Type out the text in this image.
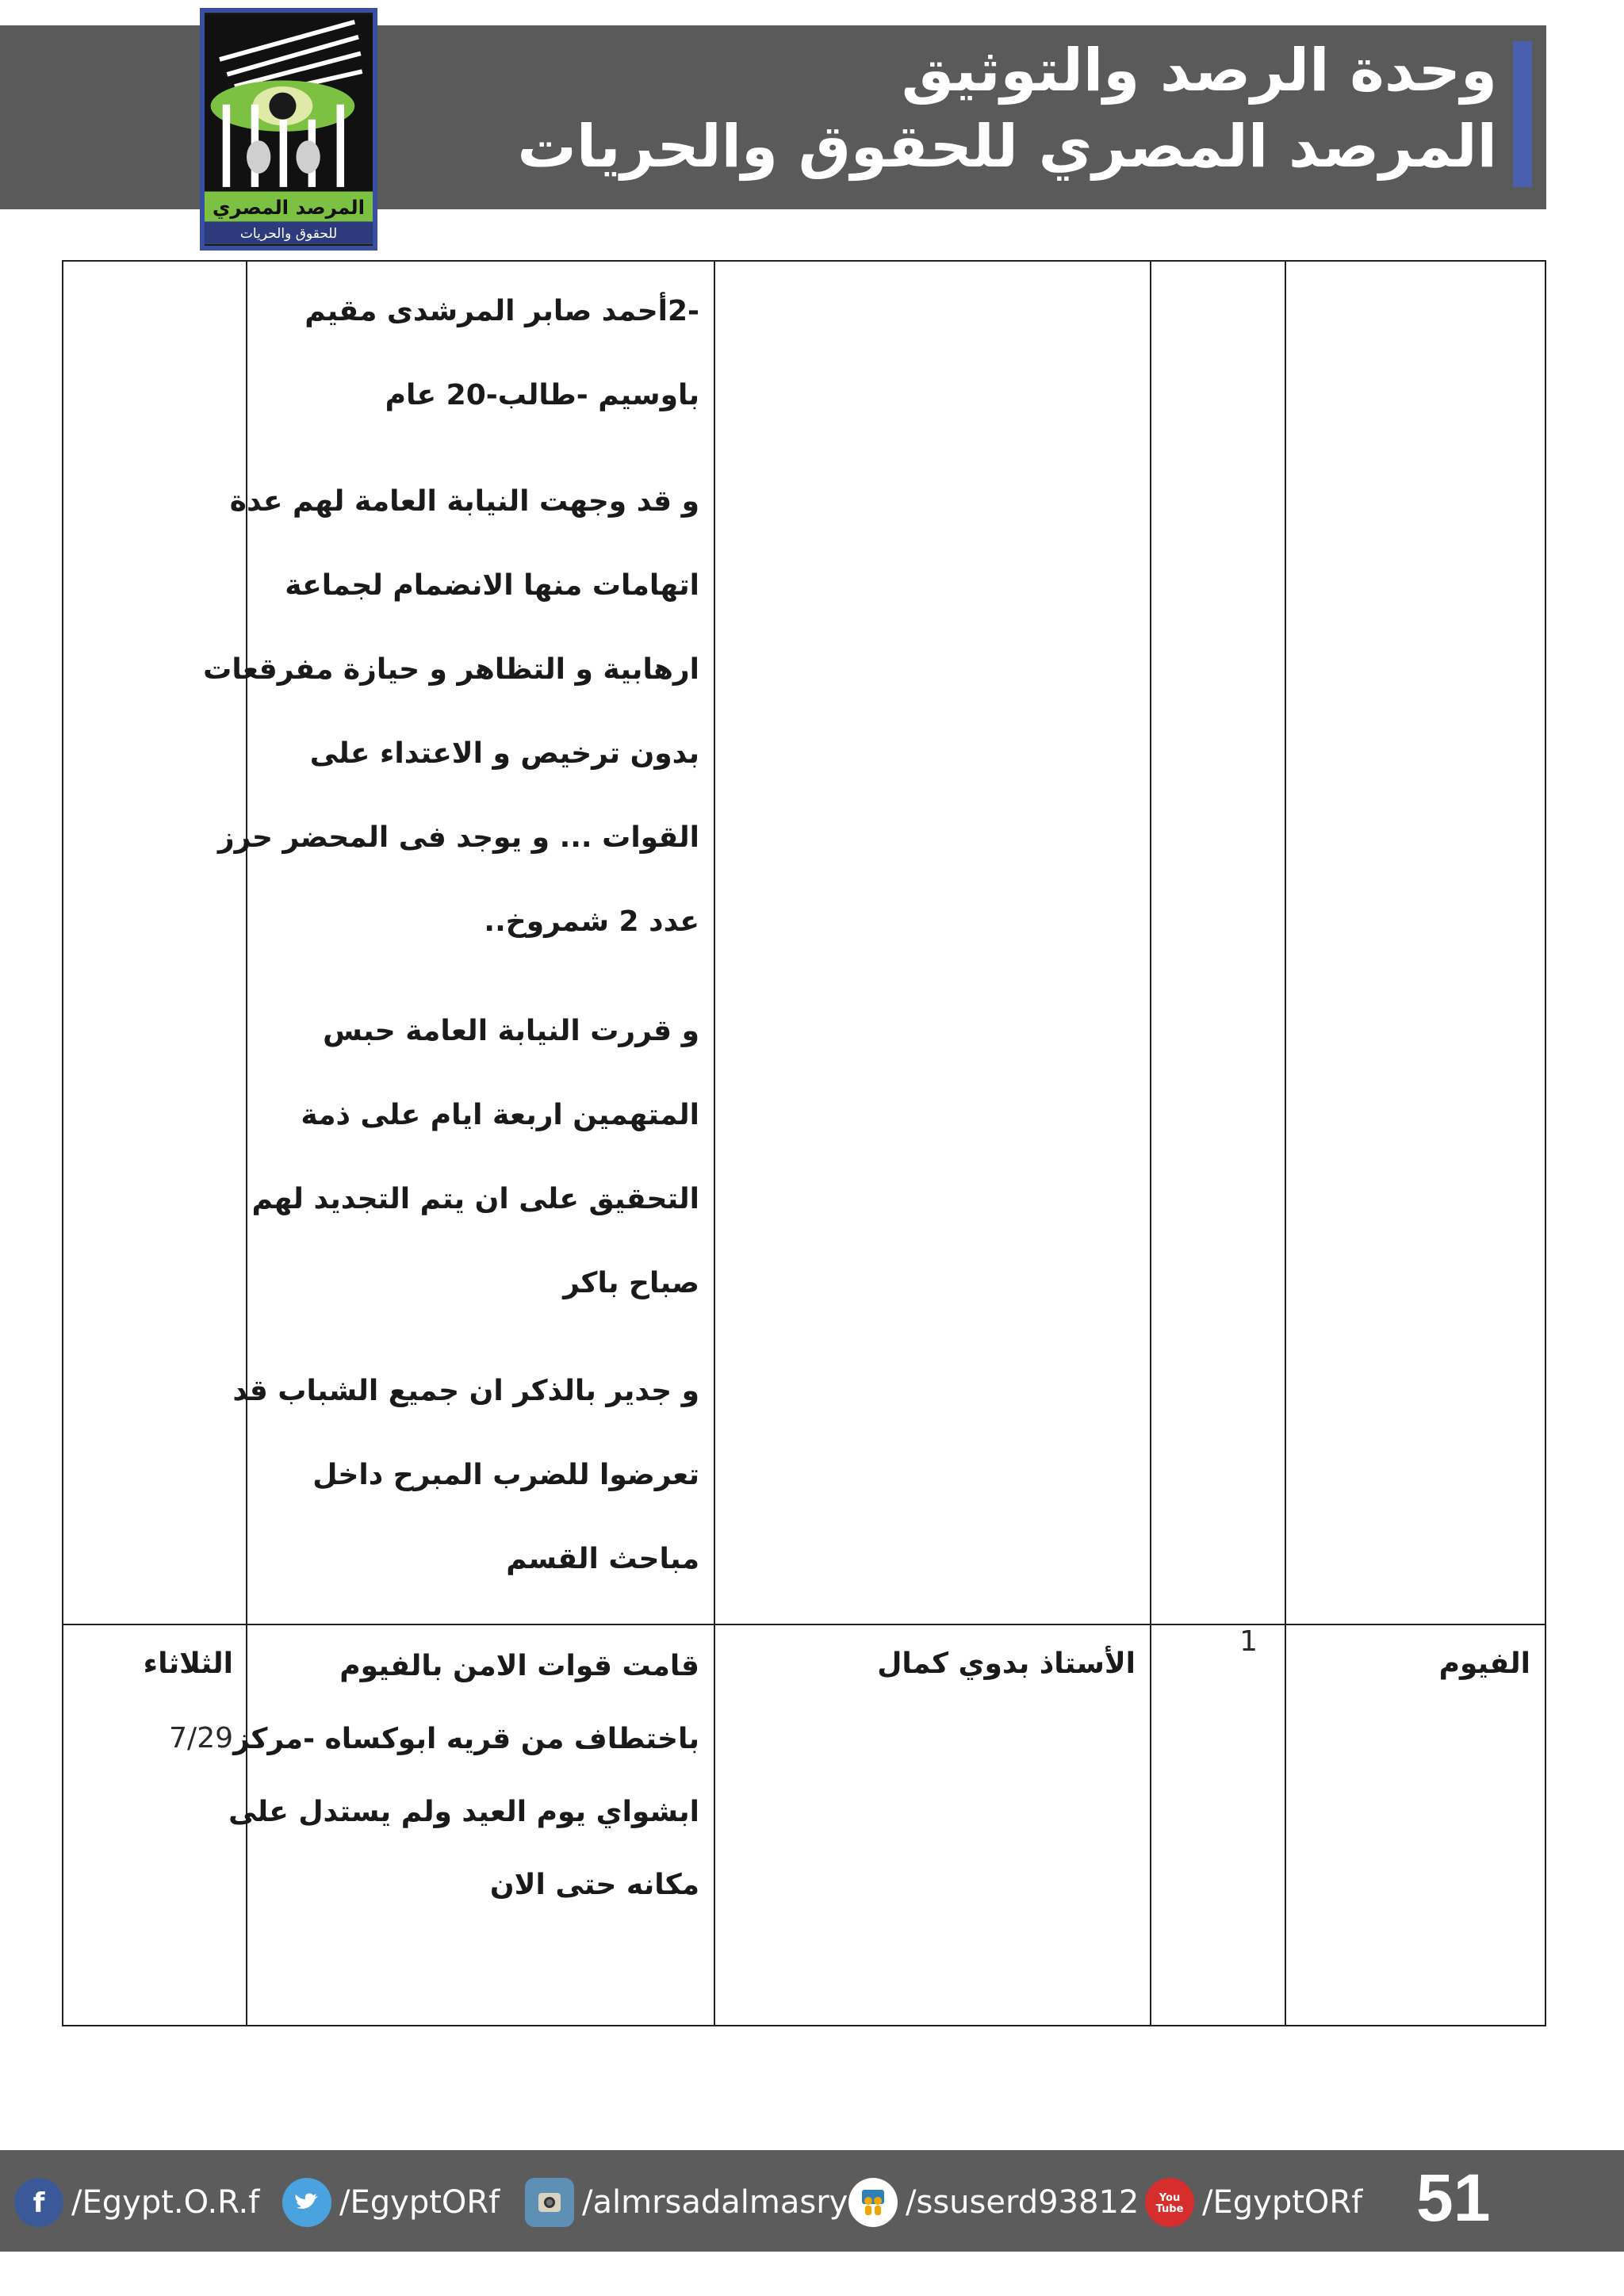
وحدة الرصد والتوثيق
المرصد المصري للحقوق والحريات
المرصد المصري
للحقوق والحريات
-2أحمد صابر المرشدى مقيم
باوسيم -طالب-20 عام
و قد وجهت النيابة العامة لهم عدة
اتهامات منها الانضمام لجماعة
ارهابية و التظاهر و حيازة مفرقعات
بدون ترخيص و الاعتداء على
القوات ... و يوجد فى المحضر حرز
عدد 2 شمروخ..
و قررت النيابة العامة حبس
المتهمين اربعة ايام على ذمة
التحقيق على ان يتم التجديد لهم
صباح باكر
و جدير بالذكر ان جميع الشباب قد
تعرضوا للضرب المبرح داخل
مباحث القسم
الفيوم
1
الأستاذ بدوي كمال
قامت قوات الامن بالفيوم
باختطاف من قريه ابوكساه -مركز
ابشواي يوم العيد ولم يستدل على
مكانه حتى الان
الثلاثاء
7/29
f /Egypt.O.R.f	/EgyptORf	/almrsadalmasry /ssuserd93812 You
Tube /EgyptORf 51
